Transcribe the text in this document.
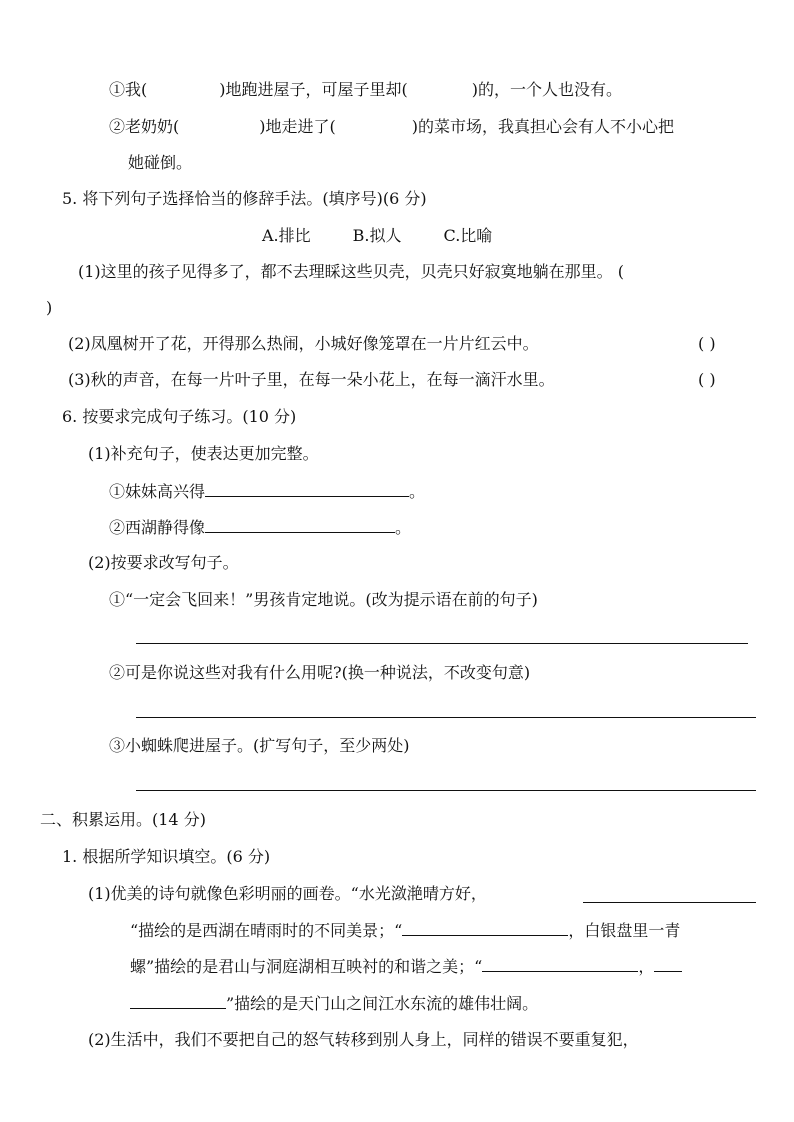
①我(	)地跑进屋子，可屋子里却(	)的，一个人也没有。
②老奶奶(	)地走进了(	)的菜市场，我真担心会有人不小心把
她碰倒。
5. 将下列句子选择恰当的修辞手法。(填序号)(6 分)
A.排比	B.拟人	C.比喻
(1)这里的孩子见得多了，都不去理睬这些贝壳，贝壳只好寂寞地躺在那里。 (
)
(2)凤凰树开了花，开得那么热闹，小城好像笼罩在一片片红云中。	( )
(3)秋的声音，在每一片叶子里，在每一朵小花上，在每一滴汗水里。	( )
6. 按要求完成句子练习。(10 分)
(1)补充句子，使表达更加完整。
①妹妹高兴得	。
②西湖静得像	。
(2)按要求改写句子。
①“一定会飞回来！”男孩肯定地说。(改为提示语在前的句子)
②可是你说这些对我有什么用呢?(换一种说法，不改变句意)
③小蜘蛛爬进屋子。(扩写句子，至少两处)
二、积累运用。(14 分)
1. 根据所学知识填空。(6 分)
(1)优美的诗句就像色彩明丽的画卷。“水光潋滟晴方好，
“描绘的是西湖在晴雨时的不同美景；“	，白银盘里一青
螺”描绘的是君山与洞庭湖相互映衬的和谐之美；“	，
”描绘的是天门山之间江水东流的雄伟壮阔。
(2)生活中，我们不要把自己的怒气转移到别人身上，同样的错误不要重复犯，
